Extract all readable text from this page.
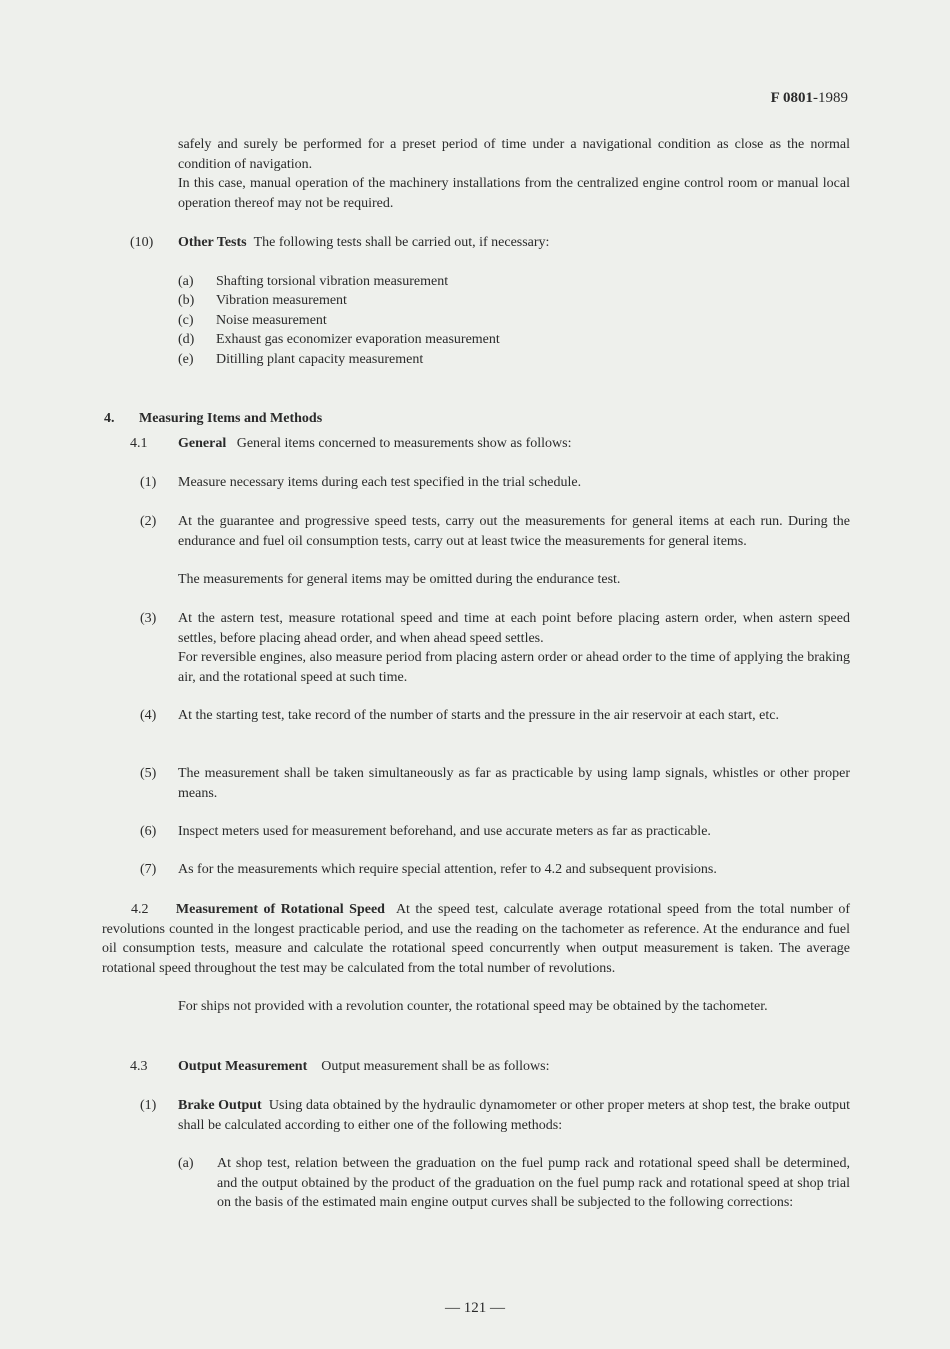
F 0801-1989
safely and surely be performed for a preset period of time under a navigational condition as close as the normal condition of navigation.
In this case, manual operation of the machinery installations from the centralized engine control room or manual local operation thereof may not be required.
(10) Other Tests The following tests shall be carried out, if necessary:
(a) Shafting torsional vibration measurement
(b) Vibration measurement
(c) Noise measurement
(d) Exhaust gas economizer evaporation measurement
(e) Ditilling plant capacity measurement
4. Measuring Items and Methods
4.1 General General items concerned to measurements show as follows:
(1) Measure necessary items during each test specified in the trial schedule.
(2) At the guarantee and progressive speed tests, carry out the measurements for general items at each run. During the endurance and fuel oil consumption tests, carry out at least twice the measurements for general items.
The measurements for general items may be omitted during the endurance test.
(3) At the astern test, measure rotational speed and time at each point before placing astern order, when astern speed settles, before placing ahead order, and when ahead speed settles.
For reversible engines, also measure period from placing astern order or ahead order to the time of applying the braking air, and the rotational speed at such time.
(4) At the starting test, take record of the number of starts and the pressure in the air reservoir at each start, etc.
(5) The measurement shall be taken simultaneously as far as practicable by using lamp signals, whistles or other proper means.
(6) Inspect meters used for measurement beforehand, and use accurate meters as far as practicable.
(7) As for the measurements which require special attention, refer to 4.2 and subsequent provisions.
4.2 Measurement of Rotational Speed At the speed test, calculate average rotational speed from the total number of revolutions counted in the longest practicable period, and use the reading on the tachometer as reference. At the endurance and fuel oil consumption tests, measure and calculate the rotational speed concurrently when output measurement is taken. The average rotational speed throughout the test may be calculated from the total number of revolutions.
For ships not provided with a revolution counter, the rotational speed may be obtained by the tachometer.
4.3 Output Measurement Output measurement shall be as follows:
(1) Brake Output Using data obtained by the hydraulic dynamometer or other proper meters at shop test, the brake output shall be calculated according to either one of the following methods:
(a) At shop test, relation between the graduation on the fuel pump rack and rotational speed shall be determined, and the output obtained by the product of the graduation on the fuel pump rack and rotational speed at shop trial on the basis of the estimated main engine output curves shall be subjected to the following corrections:
— 121 —
